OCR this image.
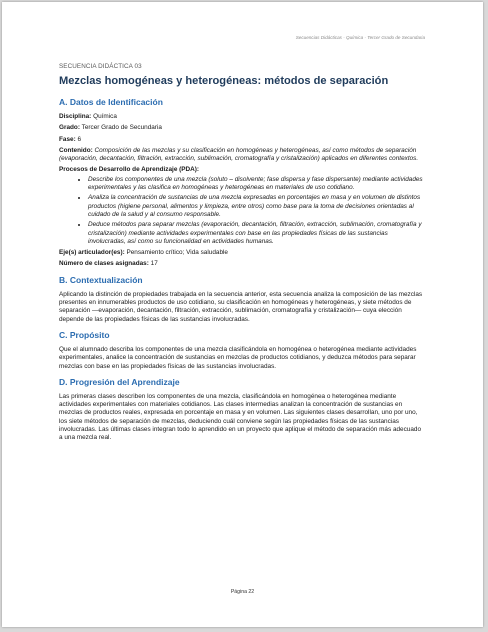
Secuencias Didácticas · Química · Tercer Grado de Secundaria
SECUENCIA DIDÁCTICA 03
Mezclas homogéneas y heterogéneas: métodos de separación
A. Datos de Identificación
Disciplina: Química
Grado: Tercer Grado de Secundaria
Fase: 6
Contenido: Composición de las mezclas y su clasificación en homogéneas y heterogéneas, así como métodos de separación (evaporación, decantación, filtración, extracción, sublimación, cromatografía y cristalización) aplicados en diferentes contextos.
Procesos de Desarrollo de Aprendizaje (PDA):
• Describe los componentes de una mezcla (soluto – disolvente; fase dispersa y fase dispersante) mediante actividades experimentales y las clasifica en homogéneas y heterogéneas en materiales de uso cotidiano.
• Analiza la concentración de sustancias de una mezcla expresadas en porcentajes en masa y en volumen de distintos productos (higiene personal, alimentos y limpieza, entre otros) como base para la toma de decisiones orientadas al cuidado de la salud y al consumo responsable.
• Deduce métodos para separar mezclas (evaporación, decantación, filtración, extracción, sublimación, cromatografía y cristalización) mediante actividades experimentales con base en las propiedades físicas de las sustancias involucradas, así como su funcionalidad en actividades humanas.
Eje(s) articulador(es): Pensamiento crítico; Vida saludable
Número de clases asignadas: 17
B. Contextualización

Aplicando la distinción de propiedades trabajada en la secuencia anterior, esta secuencia analiza la composición de las mezclas presentes en innumerables productos de uso cotidiano, su clasificación en homogéneas y heterogéneas, y siete métodos de separación —evaporación, decantación, filtración, extracción, sublimación, cromatografía y cristalización— cuya elección depende de las propiedades físicas de las sustancias involucradas.

C. Propósito

Que el alumnado describa los componentes de una mezcla clasificándola en homogénea o heterogénea mediante actividades experimentales, analice la concentración de sustancias en mezclas de productos cotidianos, y deduzca métodos para separar mezclas con base en las propiedades físicas de las sustancias involucradas.

D. Progresión del Aprendizaje

Las primeras clases describen los componentes de una mezcla, clasificándola en homogénea o heterogénea mediante actividades experimentales con materiales cotidianos. Las clases intermedias analizan la concentración de sustancias en mezclas de productos reales, expresada en porcentaje en masa y en volumen. Las siguientes clases desarrollan, uno por uno, los siete métodos de separación de mezclas, deduciendo cuál conviene según las propiedades físicas de las sustancias involucradas. Las últimas clases integran todo lo aprendido en un proyecto que aplique el método de separación más adecuado a una mezcla real.

Página 22
